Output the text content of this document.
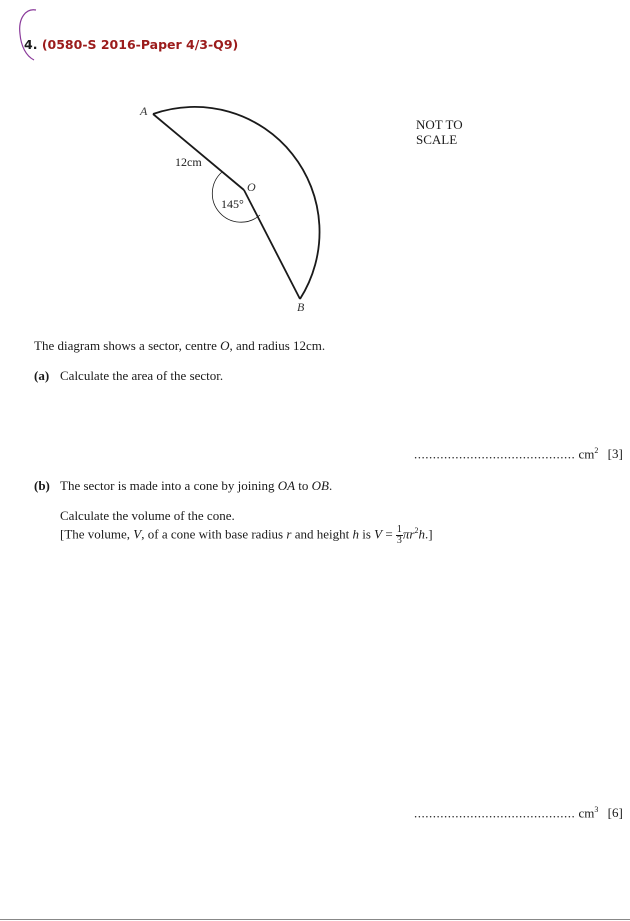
4. (0580-S 2016-Paper 4/3-Q9)
A
O
B
12cm
145°
NOT TO
SCALE
The diagram shows a sector, centre O, and radius 12cm.
(a) Calculate the area of the sector.
........................................... $cm^2$ [3]
(b) The sector is made into a cone by joining OA to OB.
Calculate the volume of the cone.
[The volume, V, of a cone with base radius r and height h is $V = \frac{1}{3} \pi r^2h$.]
........................................... $cm^3$ [6]
